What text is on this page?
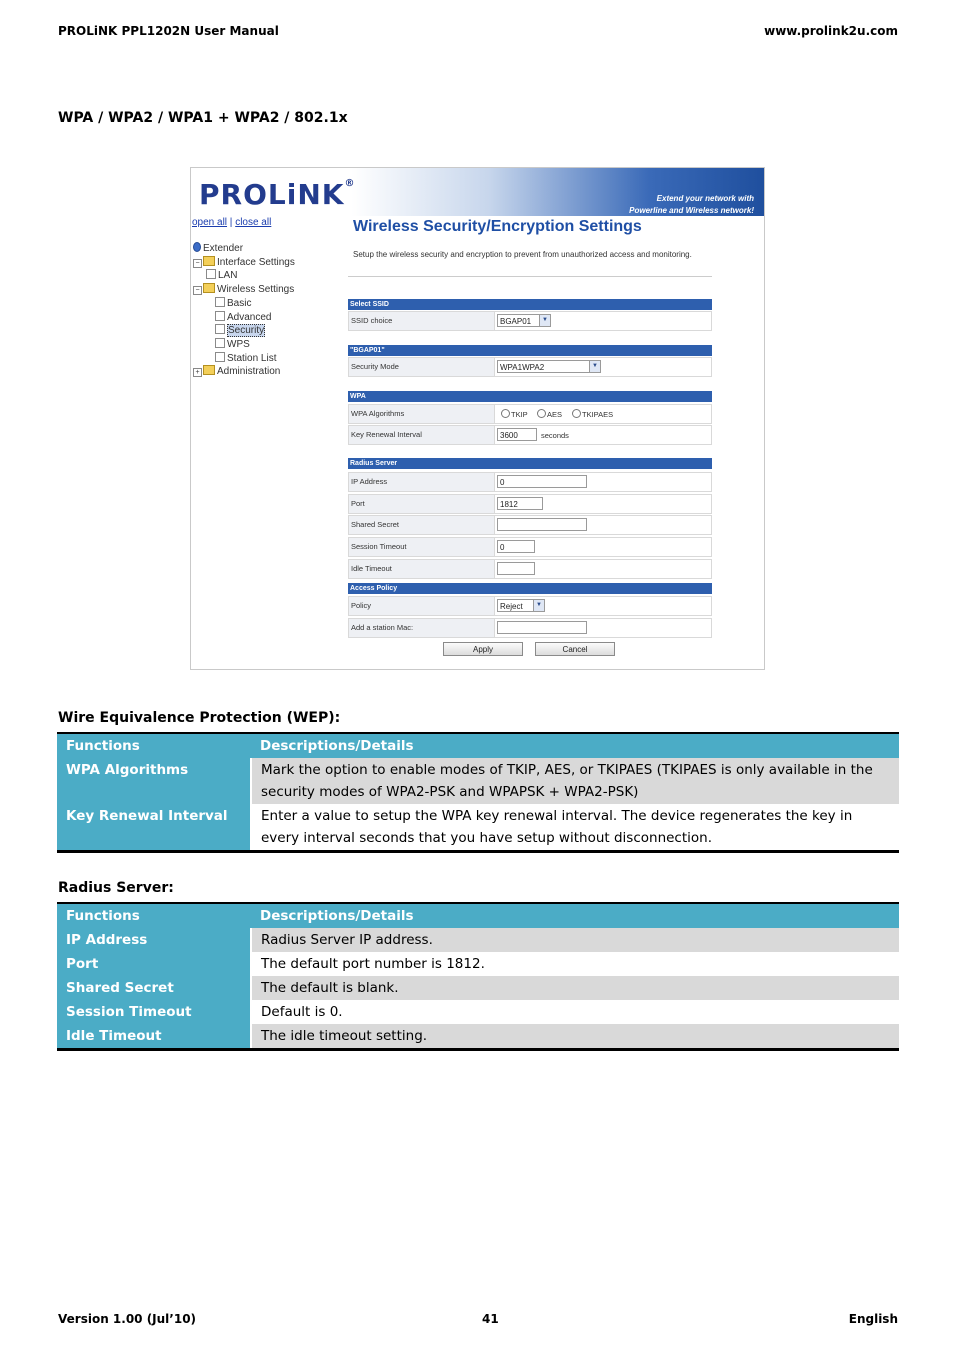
PROLiNK PPL1202N User Manual	www.prolink2u.com
WPA / WPA2 / WPA1 + WPA2 / 802.1x
PROLiNK®
Extend your network with
Powerline and Wireless network!
open all | close all
Extender
− Interface Settings
LAN
− Wireless Settings
Basic
Advanced
Security
WPS
Station List
+ Administration
Wireless Security/Encryption Settings
Setup the wireless security and encryption to prevent from unauthorized access and monitoring.
Select SSID
SSID choice	BGAP01	▼
"BGAP01"
Security Mode	WPA1WPA2	▼
WPA
WPA Algorithms	TKIP	AES	TKIPAES
Key Renewal Interval	3600	seconds
Radius Server
IP Address	0
Port	1812
Shared Secret
Session Timeout	0
Idle Timeout
Access Policy
Policy	Reject	▼
Add a station Mac:
Apply	Cancel
Wire Equivalence Protection (WEP):
Functions	Descriptions/Details
WPA Algorithms	Mark the option to enable modes of TKIP, AES, or TKIPAES (TKIPAES is only available in the security modes of WPA2-PSK and WPAPSK + WPA2-PSK)
Key Renewal Interval	Enter a value to setup the WPA key renewal interval. The device regenerates the key in every interval seconds that you have setup without disconnection.
Radius Server:
Functions	Descriptions/Details
IP Address	Radius Server IP address.
Port	The default port number is 1812.
Shared Secret	The default is blank.
Session Timeout	Default is 0.
Idle Timeout	The idle timeout setting.
Version 1.00 (Jul’10)	41	English
